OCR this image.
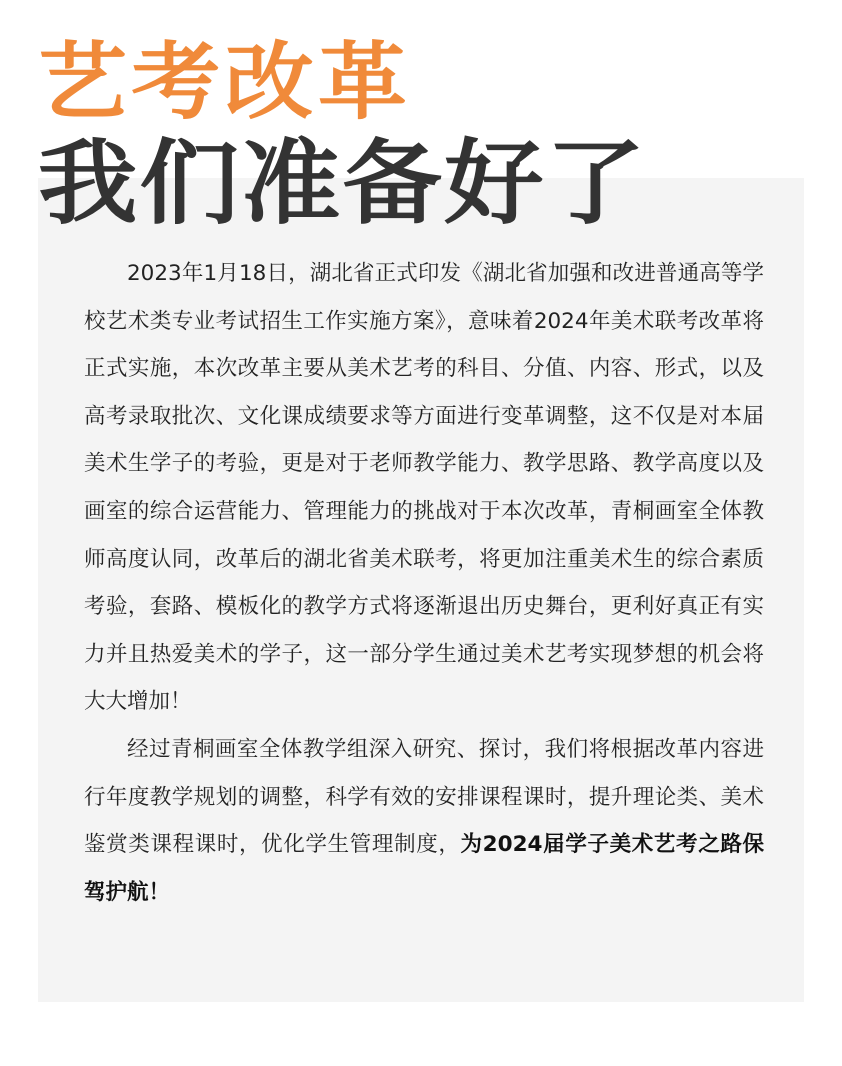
艺考改革
我们准备好了

2023年1月18日，湖北省正式印发《湖北省加强和改进普通高等学校艺术类专业考试招生工作实施方案》，意味着2024年美术联考改革将正式实施，本次改革主要从美术艺考的科目、分值、内容、形式，以及高考录取批次、文化课成绩要求等方面进行变革调整，这不仅是对本届美术生学子的考验，更是对于老师教学能力、教学思路、教学高度以及画室的综合运营能力、管理能力的挑战对于本次改革，青桐画室全体教师高度认同，改革后的湖北省美术联考，将更加注重美术生的综合素质考验，套路、模板化的教学方式将逐渐退出历史舞台，更利好真正有实力并且热爱美术的学子，这一部分学生通过美术艺考实现梦想的机会将大大增加！

经过青桐画室全体教学组深入研究、探讨，我们将根据改革内容进行年度教学规划的调整，科学有效的安排课程课时，提升理论类、美术鉴赏类课程课时，优化学生管理制度，为2024届学子美术艺考之路保驾护航！
